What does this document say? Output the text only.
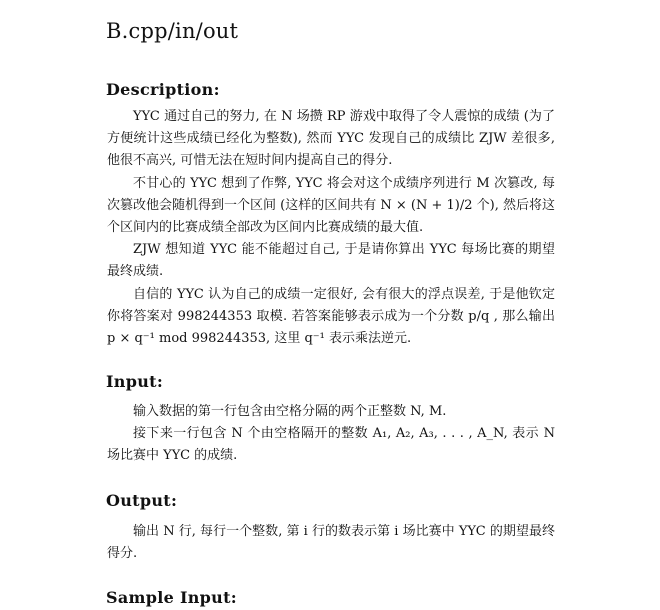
B.cpp/in/out
Description:

YYC 通过自己的努力, 在 N 场攒 RP 游戏中取得了令人震惊的成绩 (为了方便统计这些成绩已经化为整数), 然而 YYC 发现自己的成绩比 ZJW 差很多, 他很不高兴, 可惜无法在短时间内提高自己的得分.

不甘心的 YYC 想到了作弊, YYC 将会对这个成绩序列进行 M 次篡改, 每次篡改他会随机得到一个区间 (这样的区间共有 N × (N + 1)/2 个), 然后将这个区间内的比赛成绩全部改为区间内比赛成绩的最大值.

ZJW 想知道 YYC 能不能超过自己, 于是请你算出 YYC 每场比赛的期望最终成绩.

自信的 YYC 认为自己的成绩一定很好, 会有很大的浮点误差, 于是他钦定你将答案对 998244353 取模. 若答案能够表示成为一个分数 p/q , 那么输出 p × q⁻¹ mod 998244353, 这里 q⁻¹ 表示乘法逆元.

Input:

输入数据的第一行包含由空格分隔的两个正整数 N, M.

接下来一行包含 N 个由空格隔开的整数 A₁, A₂, A₃, . . . , A_N, 表示 N 场比赛中 YYC 的成绩.

Output:

输出 N 行, 每行一个整数, 第 i 行的数表示第 i 场比赛中 YYC 的期望最终得分.

Sample Input:
